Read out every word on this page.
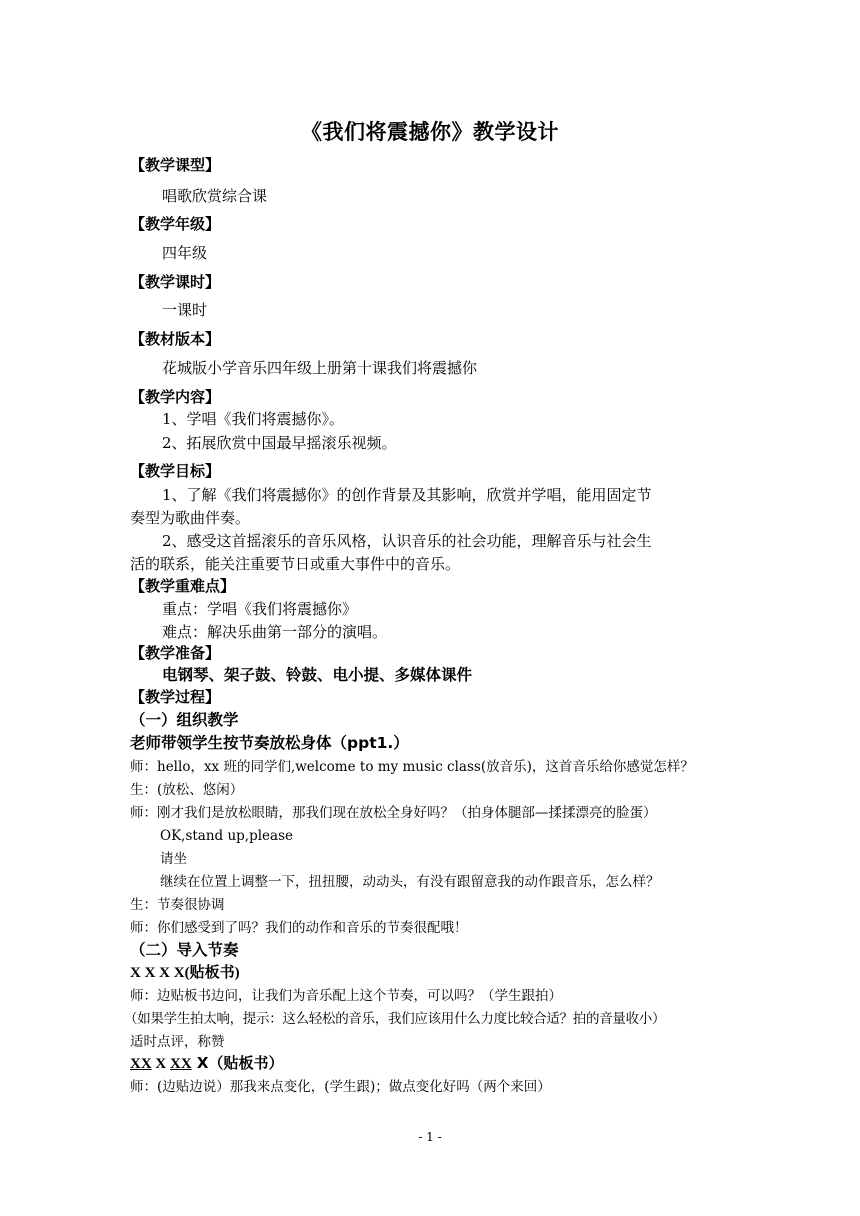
《我们将震撼你》教学设计
【教学课型】
唱歌欣赏综合课
【教学年级】
四年级
【教学课时】
一课时
【教材版本】
花城版小学音乐四年级上册第十课我们将震撼你
【教学内容】
1、学唱《我们将震撼你》。
2、拓展欣赏中国最早摇滚乐视频。
【教学目标】
1、了解《我们将震撼你》的创作背景及其影响，欣赏并学唱，能用固定节
奏型为歌曲伴奏。
2、感受这首摇滚乐的音乐风格，认识音乐的社会功能，理解音乐与社会生
活的联系，能关注重要节日或重大事件中的音乐。
【教学重难点】
重点：学唱《我们将震撼你》
难点：解决乐曲第一部分的演唱。
【教学准备】
电钢琴、架子鼓、铃鼓、电小提、多媒体课件
【教学过程】
（一）组织教学
老师带领学生按节奏放松身体（ppt1.）
师：hello，xx 班的同学们,welcome to my music class(放音乐)，这首音乐给你感觉怎样？
生：(放松、悠闲）
师：刚才我们是放松眼睛，那我们现在放松全身好吗？（拍身体腿部—揉揉漂亮的脸蛋）
OK,stand up,please
请坐
继续在位置上调整一下，扭扭腰，动动头，有没有跟留意我的动作跟音乐，怎么样？
生：节奏很协调
师：你们感受到了吗？我们的动作和音乐的节奏很配哦！
（二）导入节奏
X X X X(贴板书)
师：边贴板书边问，让我们为音乐配上这个节奏，可以吗？（学生跟拍）
（如果学生拍太响，提示：这么轻松的音乐，我们应该用什么力度比较合适？拍的音量收小）
适时点评，称赞
XX X XX X（贴板书）
师：(边贴边说）那我来点变化，(学生跟)；做点变化好吗（两个来回）
- 1 -
